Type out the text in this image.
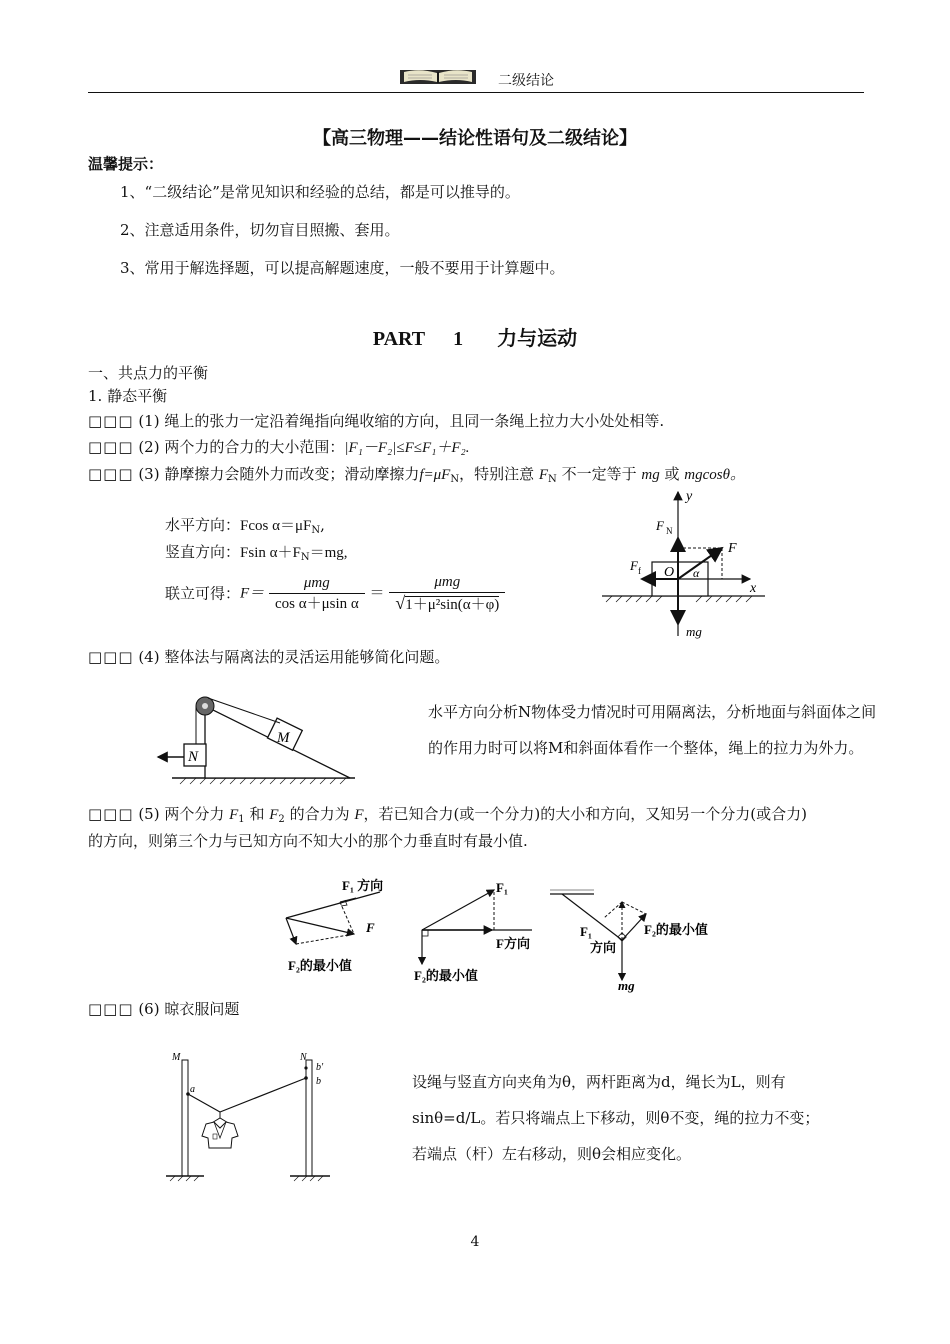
二级结论
【高三物理——结论性语句及二级结论】
温馨提示：
1、“二级结论”是常见知识和经验的总结，都是可以推导的。
2、注意适用条件，切勿盲目照搬、套用。
3、常用于解选择题，可以提高解题速度，一般不要用于计算题中。
PART 1 力与运动
一、共点力的平衡
1. 静态平衡
□□□ (1) 绳上的张力一定沿着绳指向绳收缩的方向，且同一条绳上拉力大小处处相等.
□□□ (2) 两个力的合力的大小范围：|F₁－F₂|≤F≤F₁＋F₂.
□□□ (3) 静摩擦力会随外力而改变；滑动摩擦力$f=\mu F_N$，特别注意 $F_N$ 不一定等于 mg 或 mgcosθ。
水平方向：Fcos $\alpha=\mu F_N$,
竖直方向：Fsin $\alpha+F_N=mg$,
联立可得：$F= \frac{\text{μmg}}{\text{cos α＋μsin α}} = \frac{\text{μmg}}{\text{√1＋μ²sin(α＋φ)}}$
y
x
F N
F
F f O α
mg
□□□ (4) 整体法与隔离法的灵活运用能够简化问题。
M
N
水平方向分析N物体受力情况时可用隔离法，分析地面与斜面体之间的作用力时可以将M和斜面体看作一个整体，绳上的拉力为外力。
□□□ (5) 两个分力 $F_1$ 和 $F_2$ 的合力为 F，若已知合力(或一个分力)的大小和方向，又知另一个分力(或合力)
的方向，则第三个力与已知方向不知大小的那个力垂直时有最小值.
F₁ 方向
F
F₂的最小值
F₁
F方向
F₂的最小值
F₁
方向
F₂的最小值
mg
□□□ (6) 晾衣服问题
M	N
a
b
b'
设绳与竖直方向夹角为θ，两杆距离为d，绳长为L，则有sinθ=d/L。若只将端点上下移动，则θ不变，绳的拉力不变；若端点（杆）左右移动，则θ会相应变化。
4
